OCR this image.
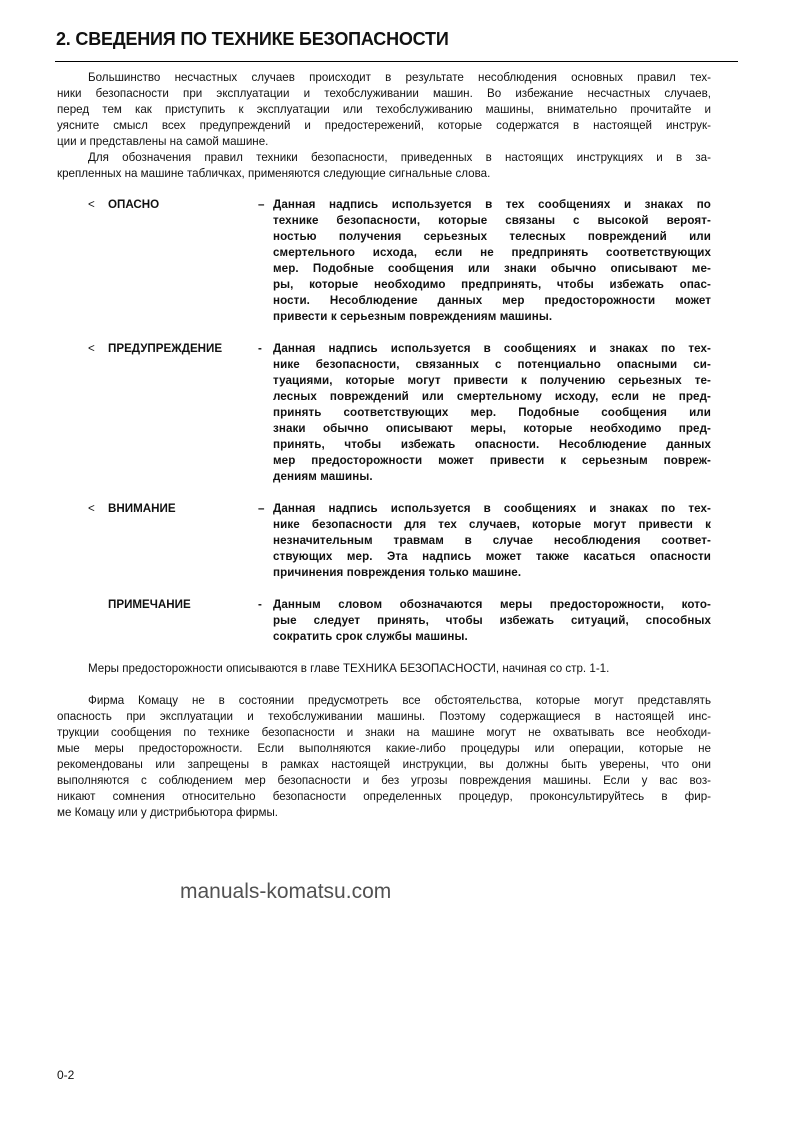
2. СВЕДЕНИЯ ПО ТЕХНИКЕ БЕЗОПАСНОСТИ
Большинство несчастных случаев происходит в результате несоблюдения основных правил тех-
ники безопасности при эксплуатации и техобслуживании машин. Во избежание несчастных случаев,
перед тем как приступить к эксплуатации или техобслуживанию машины, внимательно прочитайте и
уясните смысл всех предупреждений и предостережений, которые содержатся в настоящей инструк-
ции и представлены на самой машине.
Для обозначения правил техники безопасности, приведенных в настоящих инструкциях и в за-
крепленных на машине табличках, применяются следующие сигнальные слова.
< ОПАСНО	– Данная надпись используется в тех сообщениях и знаках по
технике безопасности, которые связаны с высокой вероят-
ностью получения серьезных телесных повреждений или
смертельного исхода, если не предпринять соответствующих
мер. Подобные сообщения или знаки обычно описывают ме-
ры, которые необходимо предпринять, чтобы избежать опас-
ности. Несоблюдение данных мер предосторожности может
привести к серьезным повреждениям машины.
< ПРЕДУПРЕЖДЕНИЕ	- Данная надпись используется в сообщениях и знаках по тех-
нике безопасности, связанных с потенциально опасными си-
туациями, которые могут привести к получению серьезных те-
лесных повреждений или смертельному исходу, если не пред-
принять соответствующих мер. Подобные сообщения или
знаки обычно описывают меры, которые необходимо пред-
принять, чтобы избежать опасности. Несоблюдение данных
мер предосторожности может привести к серьезным повреж-
дениям машины.
< ВНИМАНИЕ	– Данная надпись используется в сообщениях и знаках по тех-
нике безопасности для тех случаев, которые могут привести к
незначительным травмам в случае несоблюдения соответ-
ствующих мер. Эта надпись может также касаться опасности
причинения повреждения только машине.
ПРИМЕЧАНИЕ	- Данным словом обозначаются меры предосторожности, кото-
рые следует принять, чтобы избежать ситуаций, способных
сократить срок службы машины.
Меры предосторожности описываются в главе ТЕХНИКА БЕЗОПАСНОСТИ, начиная со стр. 1-1.
Фирма Комацу не в состоянии предусмотреть все обстоятельства, которые могут представлять
опасность при эксплуатации и техобслуживании машины. Поэтому содержащиеся в настоящей инс-
трукции сообщения по технике безопасности и знаки на машине могут не охватывать все необходи-
мые меры предосторожности. Если выполняются какие-либо процедуры или операции, которые не
рекомендованы или запрещены в рамках настоящей инструкции, вы должны быть уверены, что они
выполняются с соблюдением мер безопасности и без угрозы повреждения машины. Если у вас воз-
никают сомнения относительно безопасности определенных процедур, проконсультируйтесь в фир-
ме Комацу или у дистрибьютора фирмы.
manuals-komatsu.com
0-2
